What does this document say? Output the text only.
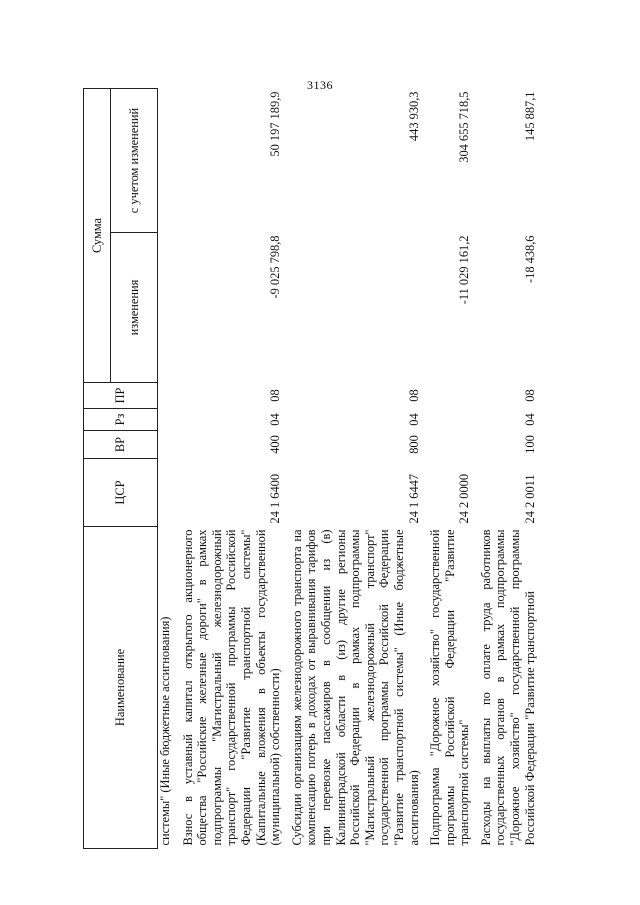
3136
Наименование	ЦСР	ВР	Рз	ПР	Сумма	
					изменения	с учетом изменений
системы" (Иные бюджетные ассигнования)						
Взнос в уставный капитал открытого акционерного общества "Российские железные дороги" в рамках подпрограммы "Магистральный железнодорожный транспорт" государственной программы Российской Федерации "Развитие транспортной системы" (Капитальные вложения в объекты государственной (муниципальной) собственности)	24 1 6400	400	04	08	-9 025 798,8	50 197 189,9
Субсидии организациям железнодорожного транспорта на компенсацию потерь в доходах от выравнивания тарифов при перевозке пассажиров в сообщении из (в) Калининградской области в (из) другие регионы Российской Федерации в рамках подпрограммы "Магистральный железнодорожный транспорт" государственной программы Российской Федерации "Развитие транспортной системы" (Иные бюджетные ассигнования)	24 1 6447	800	04	08		443 930,3
Подпрограмма "Дорожное хозяйство" государственной программы Российской Федерации "Развитие транспортной системы"	24 2 0000				-11 029 161,2	304 655 718,5
Расходы на выплаты по оплате труда работников государственных органов в рамках подпрограммы "Дорожное хозяйство" государственной программы Российской Федерации "Развитие транспортной	24 2 0011	100	04	08	-18 438,6	145 887,1
